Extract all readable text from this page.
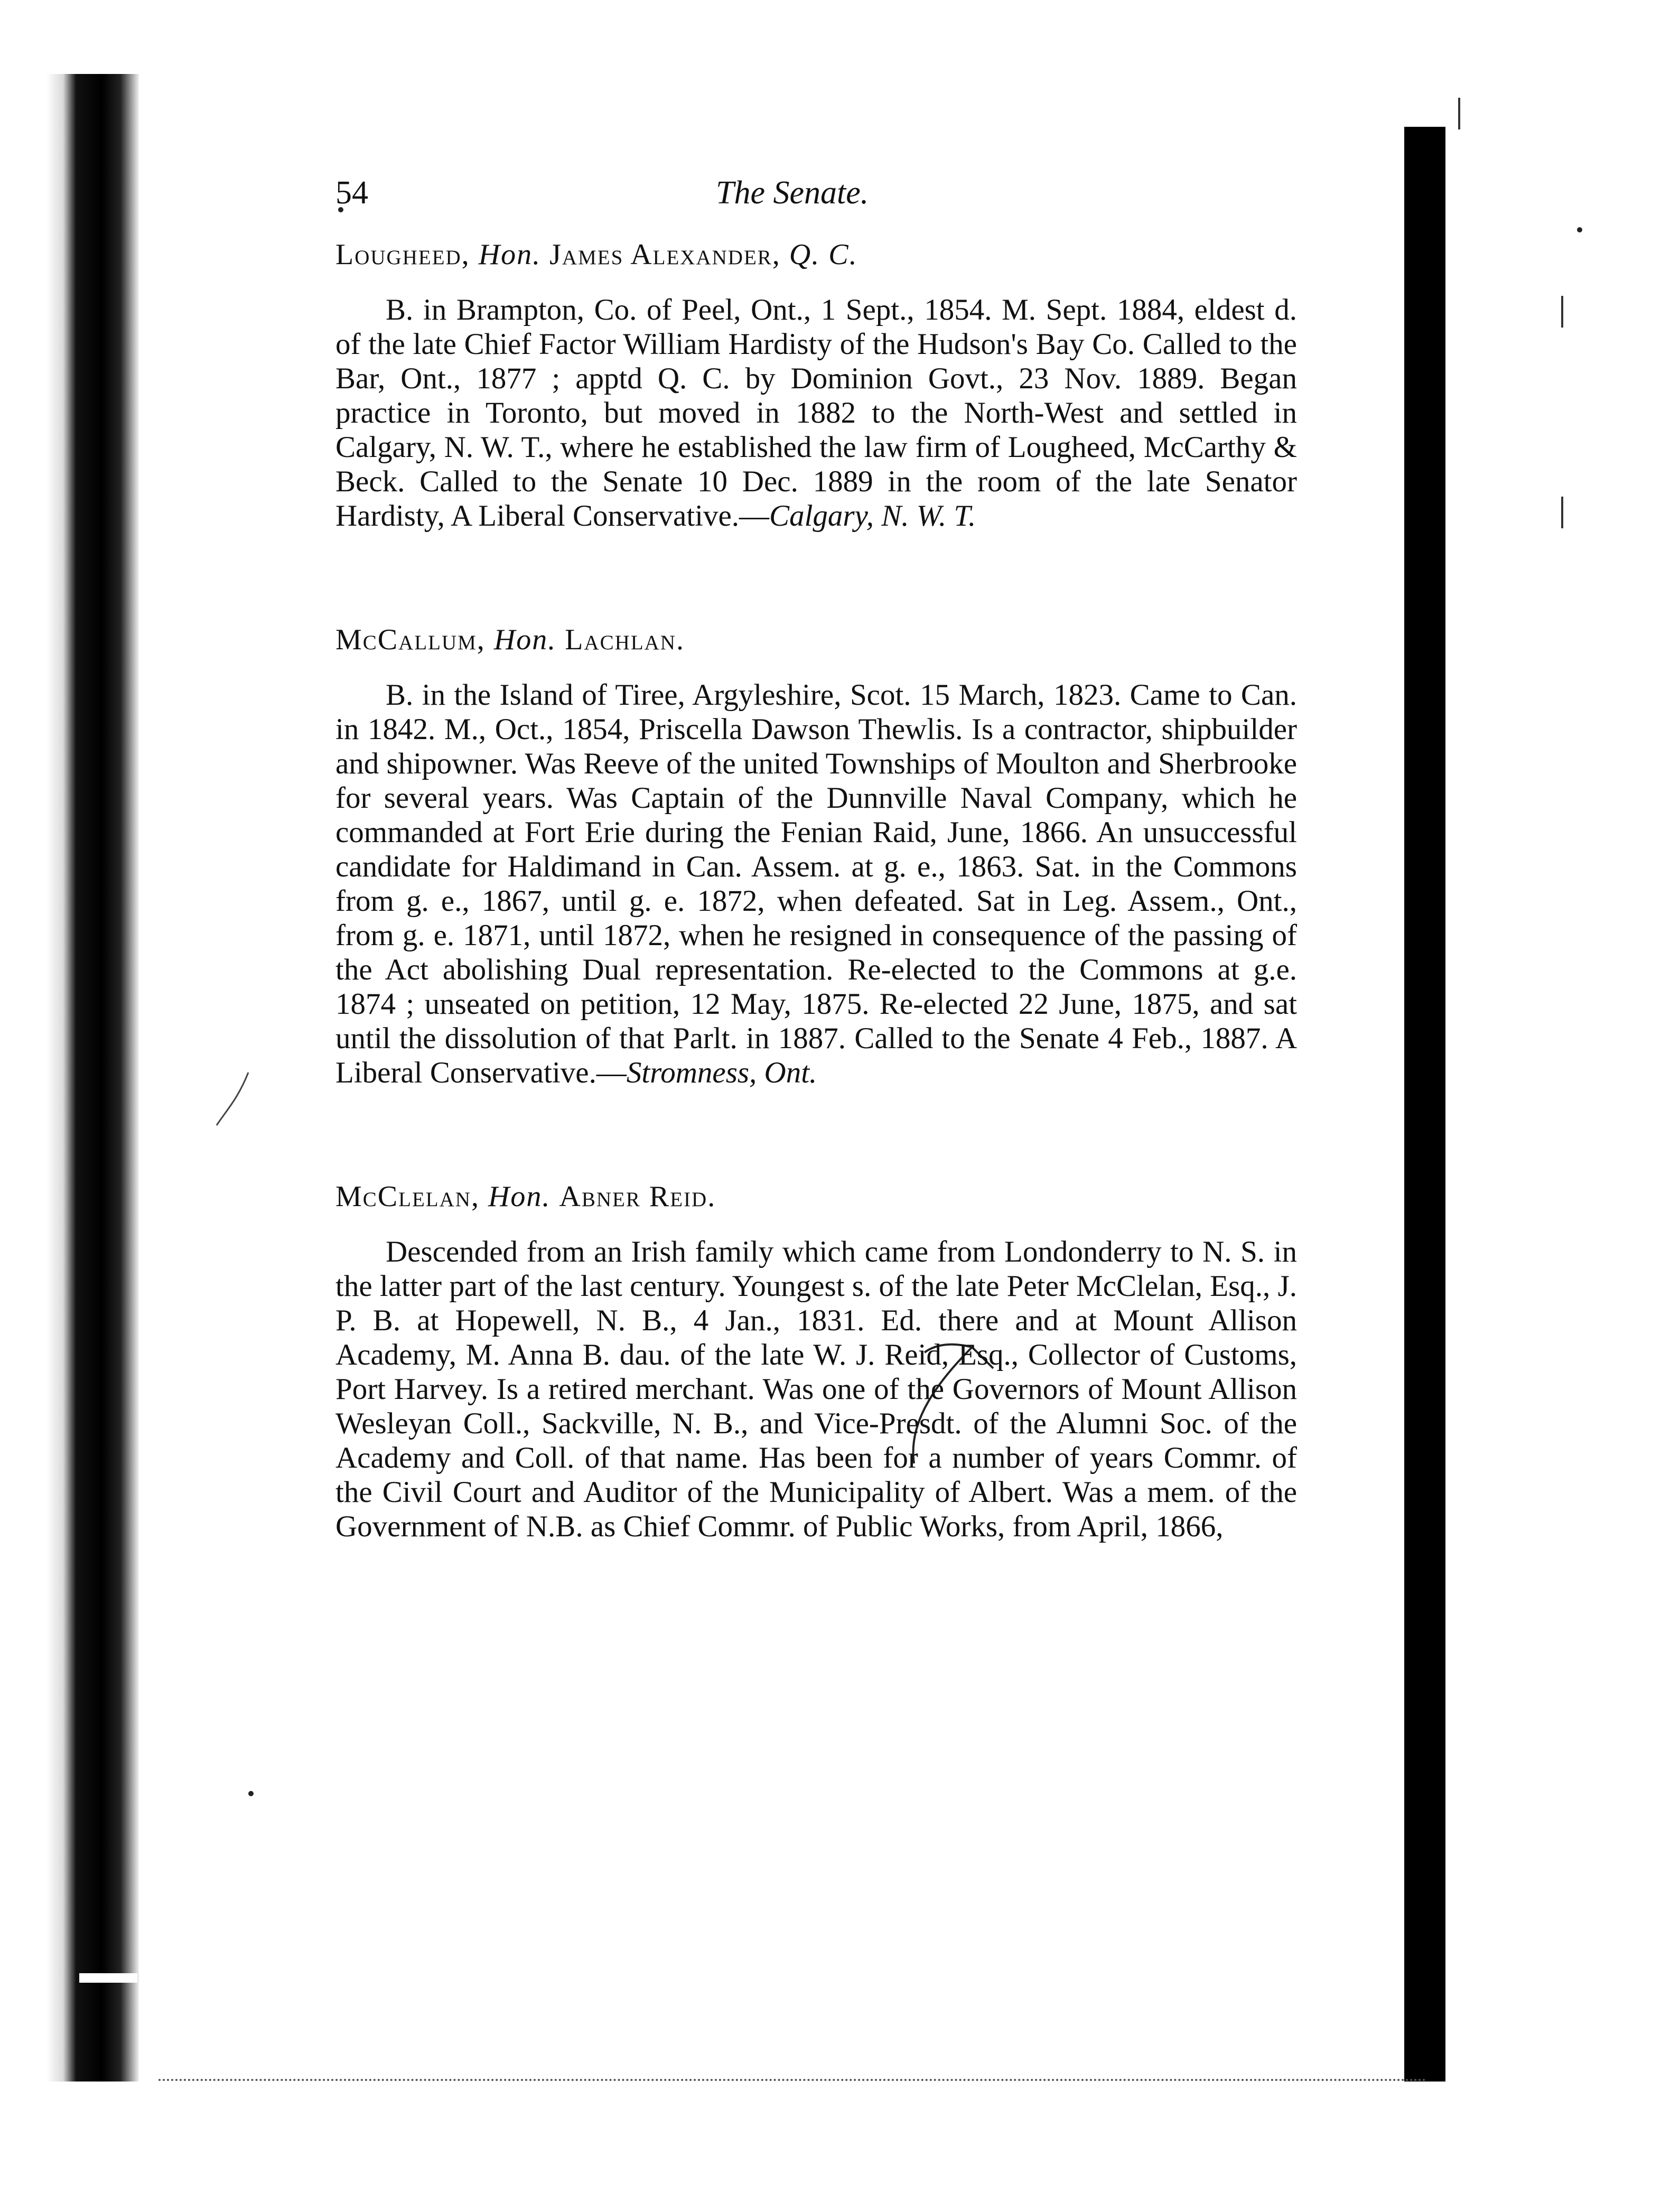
54	The Senate.
Lougheed, Hon. James Alexander, Q. C.

B. in Brampton, Co. of Peel, Ont., 1 Sept., 1854. M. Sept. 1884, eldest d. of the late Chief Factor William Hardisty of the Hudson's Bay Co. Called to the Bar, Ont., 1877 ; apptd Q. C. by Dominion Govt., 23 Nov. 1889. Began practice in Toronto, but moved in 1882 to the North-West and settled in Calgary, N. W. T., where he established the law firm of Lougheed, McCarthy & Beck. Called to the Senate 10 Dec. 1889 in the room of the late Senator Hardisty, A Liberal Conservative.—Calgary, N. W. T.

McCallum, Hon. Lachlan.

B. in the Island of Tiree, Argyleshire, Scot. 15 March, 1823. Came to Can. in 1842. M., Oct., 1854, Priscella Dawson Thewlis. Is a contractor, shipbuilder and shipowner. Was Reeve of the united Townships of Moulton and Sherbrooke for several years. Was Captain of the Dunnville Naval Company, which he commanded at Fort Erie during the Fenian Raid, June, 1866. An unsuccessful candidate for Haldimand in Can. Assem. at g. e., 1863. Sat. in the Commons from g. e., 1867, until g. e. 1872, when defeated. Sat in Leg. Assem., Ont., from g. e. 1871, until 1872, when he resigned in consequence of the passing of the Act abolishing Dual representation. Re-elected to the Commons at g.e. 1874 ; unseated on petition, 12 May, 1875. Re-elected 22 June, 1875, and sat until the dissolution of that Parlt. in 1887. Called to the Senate 4 Feb., 1887. A Liberal Conservative.—Stromness, Ont.

McClelan, Hon. Abner Reid.

Descended from an Irish family which came from Londonderry to N. S. in the latter part of the last century. Youngest s. of the late Peter McClelan, Esq., J. P. B. at Hopewell, N. B., 4 Jan., 1831. Ed. there and at Mount Allison Academy, M. Anna B. dau. of the late W. J. Reid, Esq., Collector of Customs, Port Harvey. Is a retired merchant. Was one of the Governors of Mount Allison Wesleyan Coll., Sackville, N. B., and Vice-Presdt. of the Alumni Soc. of the Academy and Coll. of that name. Has been for a number of years Commr. of the Civil Court and Auditor of the Municipality of Albert. Was a mem. of the Government of N.B. as Chief Commr. of Public Works, from April, 1866,
